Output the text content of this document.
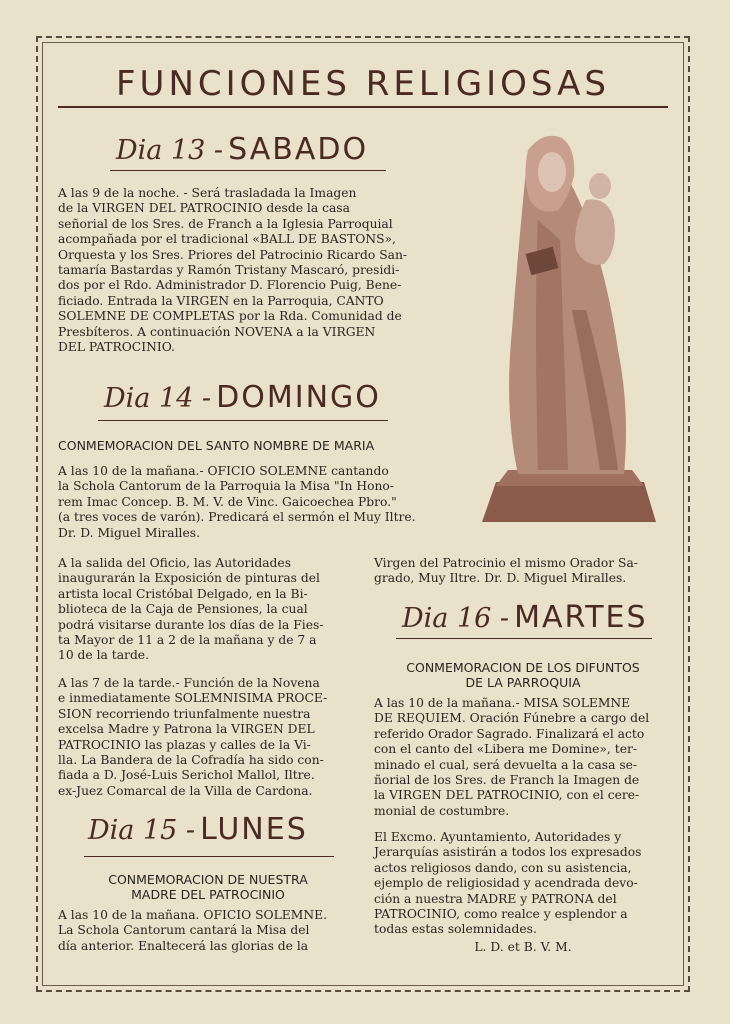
FUNCIONES RELIGIOSAS
Dia 13 - SABADO
A las 9 de la noche. - Será trasladada la Imagen
de la VIRGEN DEL PATROCINIO desde la casa
señorial de los Sres. de Franch a la Iglesia Parroquial
acompañada por el tradicional «BALL DE BASTONS»,
Orquesta y los Sres. Priores del Patrocinio Ricardo San-
tamaría Bastardas y Ramón Tristany Mascaró, presidi-
dos por el Rdo. Administrador D. Florencio Puig, Bene-
ficiado. Entrada la VIRGEN en la Parroquia, CANTO
SOLEMNE DE COMPLETAS por la Rda. Comunidad de
Presbíteros. A continuación NOVENA a la VIRGEN
DEL PATROCINIO.
Dia 14 - DOMINGO
CONMEMORACION DEL SANTO NOMBRE DE MARIA
A las 10 de la mañana.- OFICIO SOLEMNE cantando
la Schola Cantorum de la Parroquia la Misa "In Hono-
rem Imac Concep. B. M. V. de Vinc. Gaicoechea Pbro."
(a tres voces de varón). Predicará el sermón el Muy Iltre.
Dr. D. Miguel Miralles.
A la salida del Oficio, las Autoridades
inaugurarán la Exposición de pinturas del
artista local Cristóbal Delgado, en la Bi-
blioteca de la Caja de Pensiones, la cual
podrá visitarse durante los días de la Fies-
ta Mayor de 11 a 2 de la mañana y de 7 a
10 de la tarde.
A las 7 de la tarde.- Función de la Novena
e inmediatamente SOLEMNISIMA PROCE-
SION recorriendo triunfalmente nuestra
excelsa Madre y Patrona la VIRGEN DEL
PATROCINIO las plazas y calles de la Vi-
lla. La Bandera de la Cofradía ha sido con-
fiada a D. José-Luis Serichol Mallol, Iltre.
ex-Juez Comarcal de la Villa de Cardona.
Dia 15 - LUNES
CONMEMORACION DE NUESTRA
MADRE DEL PATROCINIO
A las 10 de la mañana. OFICIO SOLEMNE.
La Schola Cantorum cantará la Misa del
día anterior. Enaltecerá las glorias de la
Virgen del Patrocinio el mismo Orador Sa-
grado, Muy Iltre. Dr. D. Miguel Miralles.
Dia 16 - MARTES
CONMEMORACION DE LOS DIFUNTOS
DE LA PARROQUIA
A las 10 de la mañana.- MISA SOLEMNE
DE REQUIEM. Oración Fúnebre a cargo del
referido Orador Sagrado. Finalizará el acto
con el canto del «Libera me Domine», ter-
minado el cual, será devuelta a la casa se-
ñorial de los Sres. de Franch la Imagen de
la VIRGEN DEL PATROCINIO, con el cere-
monial de costumbre.
El Excmo. Ayuntamiento, Autoridades y
Jerarquías asistirán a todos los expresados
actos religiosos dando, con su asistencia,
ejemplo de religiosidad y acendrada devo-
ción a nuestra MADRE y PATRONA del
PATROCINIO, como realce y esplendor a
todas estas solemnidades.
L. D. et B. V. M.
